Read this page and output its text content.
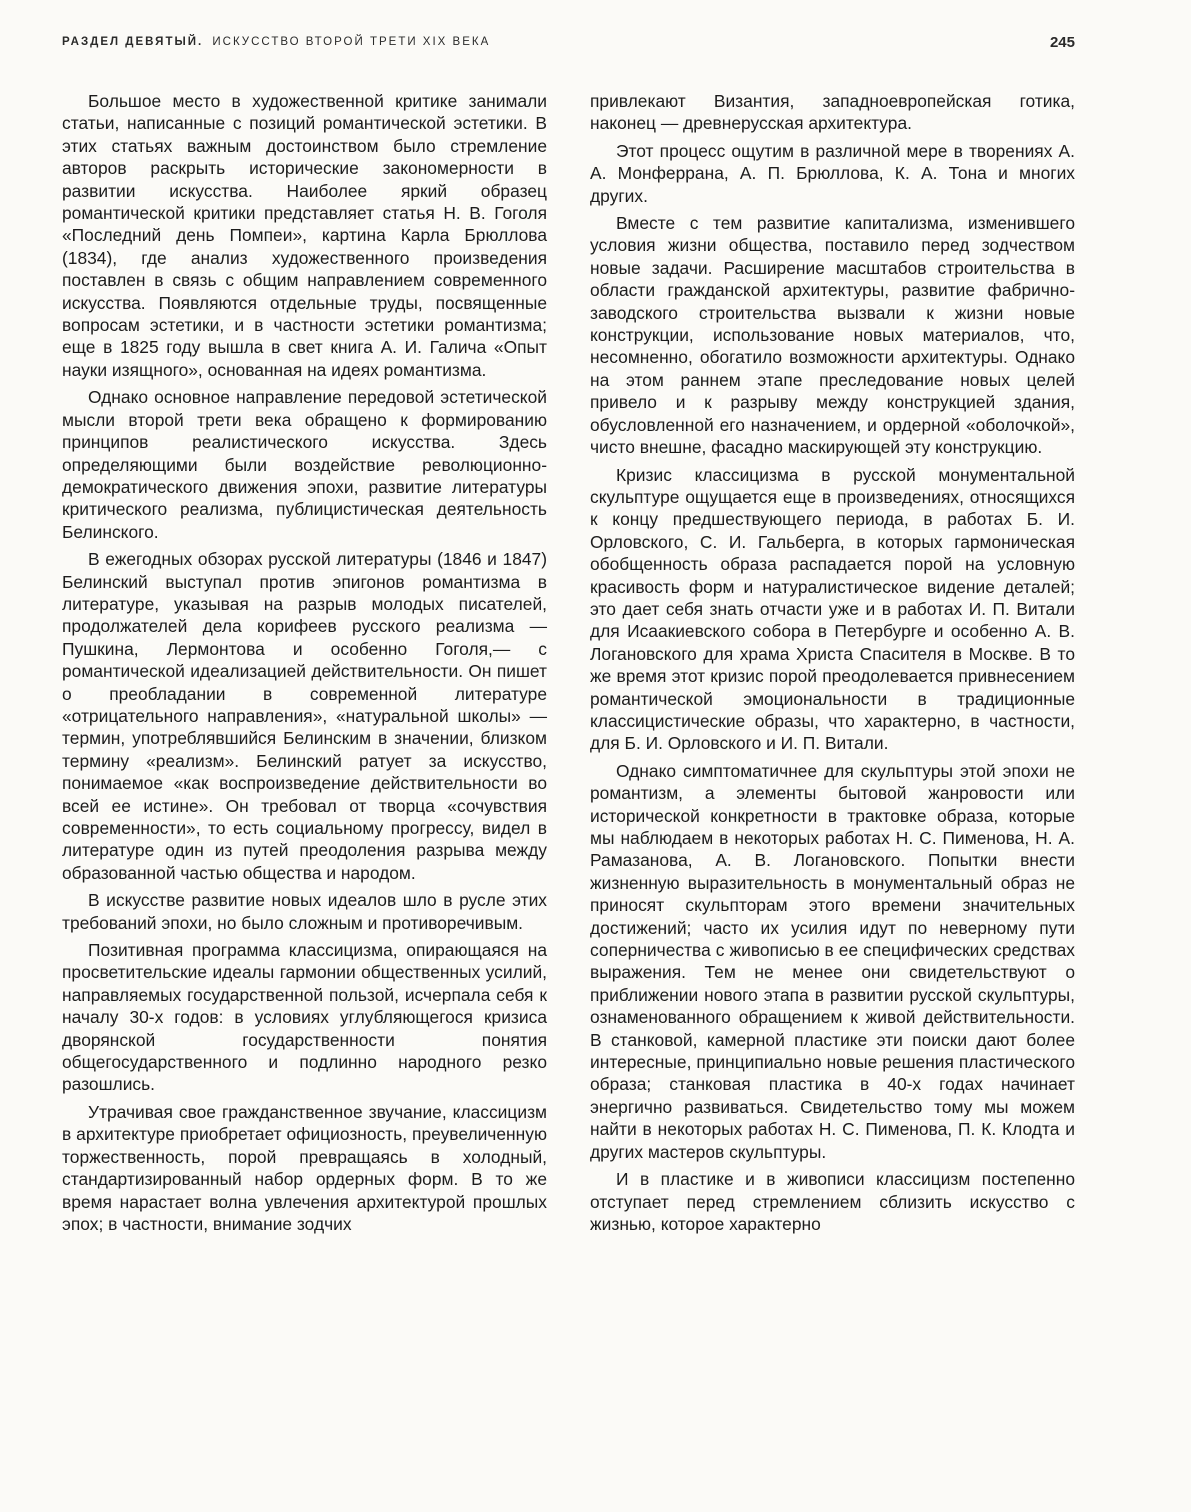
РАЗДЕЛ ДЕВЯТЫЙ. ИСКУССТВО ВТОРОЙ ТРЕТИ XIX ВЕКА	245

Большое место в художественной критике занимали статьи, написанные с позиций романтической эстетики. В этих статьях важным достоинством было стремление авторов раскрыть исторические закономерности в развитии искусства. Наиболее яркий образец романтической критики представляет статья Н. В. Гоголя «Последний день Помпеи», картина Карла Брюллова (1834), где анализ художественного произведения поставлен в связь с общим направлением современного искусства. Появляются отдельные труды, посвященные вопросам эстетики, и в частности эстетики романтизма; еще в 1825 году вышла в свет книга А. И. Галича «Опыт науки изящного», основанная на идеях романтизма.

Однако основное направление передовой эстетической мысли второй трети века обращено к формированию принципов реалистического искусства. Здесь определяющими были воздействие революционно-демократического движения эпохи, развитие литературы критического реализма, публицистическая деятельность Белинского.

В ежегодных обзорах русской литературы (1846 и 1847) Белинский выступал против эпигонов романтизма в литературе, указывая на разрыв молодых писателей, продолжателей дела корифеев русского реализма — Пушкина, Лермонтова и особенно Гоголя,— с романтической идеализацией действительности. Он пишет о преобладании в современной литературе «отрицательного направления», «натуральной школы» — термин, употреблявшийся Белинским в значении, близком термину «реализм». Белинский ратует за искусство, понимаемое «как воспроизведение действительности во всей ее истине». Он требовал от творца «сочувствия современности», то есть социальному прогрессу, видел в литературе один из путей преодоления разрыва между образованной частью общества и народом.

В искусстве развитие новых идеалов шло в русле этих требований эпохи, но было сложным и противоречивым.

Позитивная программа классицизма, опирающаяся на просветительские идеалы гармонии общественных усилий, направляемых государственной пользой, исчерпала себя к началу 30-х годов: в условиях углубляющегося кризиса дворянской государственности понятия общегосударственного и подлинно народного резко разошлись.

Утрачивая свое гражданственное звучание, классицизм в архитектуре приобретает официозность, преувеличенную торжественность, порой превращаясь в холодный, стандартизированный набор ордерных форм. В то же время нарастает волна увлечения архитектурой прошлых эпох; в частности, внимание зодчих

привлекают Византия, западноевропейская готика, наконец — древнерусская архитектура.

Этот процесс ощутим в различной мере в творениях А. А. Монферрана, А. П. Брюллова, К. А. Тона и многих других.

Вместе с тем развитие капитализма, изменившего условия жизни общества, поставило перед зодчеством новые задачи. Расширение масштабов строительства в области гражданской архитектуры, развитие фабрично-заводского строительства вызвали к жизни новые конструкции, использование новых материалов, что, несомненно, обогатило возможности архитектуры. Однако на этом раннем этапе преследование новых целей привело и к разрыву между конструкцией здания, обусловленной его назначением, и ордерной «оболочкой», чисто внешне, фасадно маскирующей эту конструкцию.

Кризис классицизма в русской монументальной скульптуре ощущается еще в произведениях, относящихся к концу предшествующего периода, в работах Б. И. Орловского, С. И. Гальберга, в которых гармоническая обобщенность образа распадается порой на условную красивость форм и натуралистическое видение деталей; это дает себя знать отчасти уже и в работах И. П. Витали для Исаакиевского собора в Петербурге и особенно А. В. Логановского для храма Христа Спасителя в Москве. В то же время этот кризис порой преодолевается привнесением романтической эмоциональности в традиционные классицистические образы, что характерно, в частности, для Б. И. Орловского и И. П. Витали.

Однако симптоматичнее для скульптуры этой эпохи не романтизм, а элементы бытовой жанровости или исторической конкретности в трактовке образа, которые мы наблюдаем в некоторых работах Н. С. Пименова, Н. А. Рамазанова, А. В. Логановского. Попытки внести жизненную выразительность в монументальный образ не приносят скульпторам этого времени значительных достижений; часто их усилия идут по неверному пути соперничества с живописью в ее специфических средствах выражения. Тем не менее они свидетельствуют о приближении нового этапа в развитии русской скульптуры, ознаменованного обращением к живой действительности. В станковой, камерной пластике эти поиски дают более интересные, принципиально новые решения пластического образа; станковая пластика в 40-х годах начинает энергично развиваться. Свидетельство тому мы можем найти в некоторых работах Н. С. Пименова, П. К. Клодта и других мастеров скульптуры.

И в пластике и в живописи классицизм постепенно отступает перед стремлением сблизить искусство с жизнью, которое характерно
